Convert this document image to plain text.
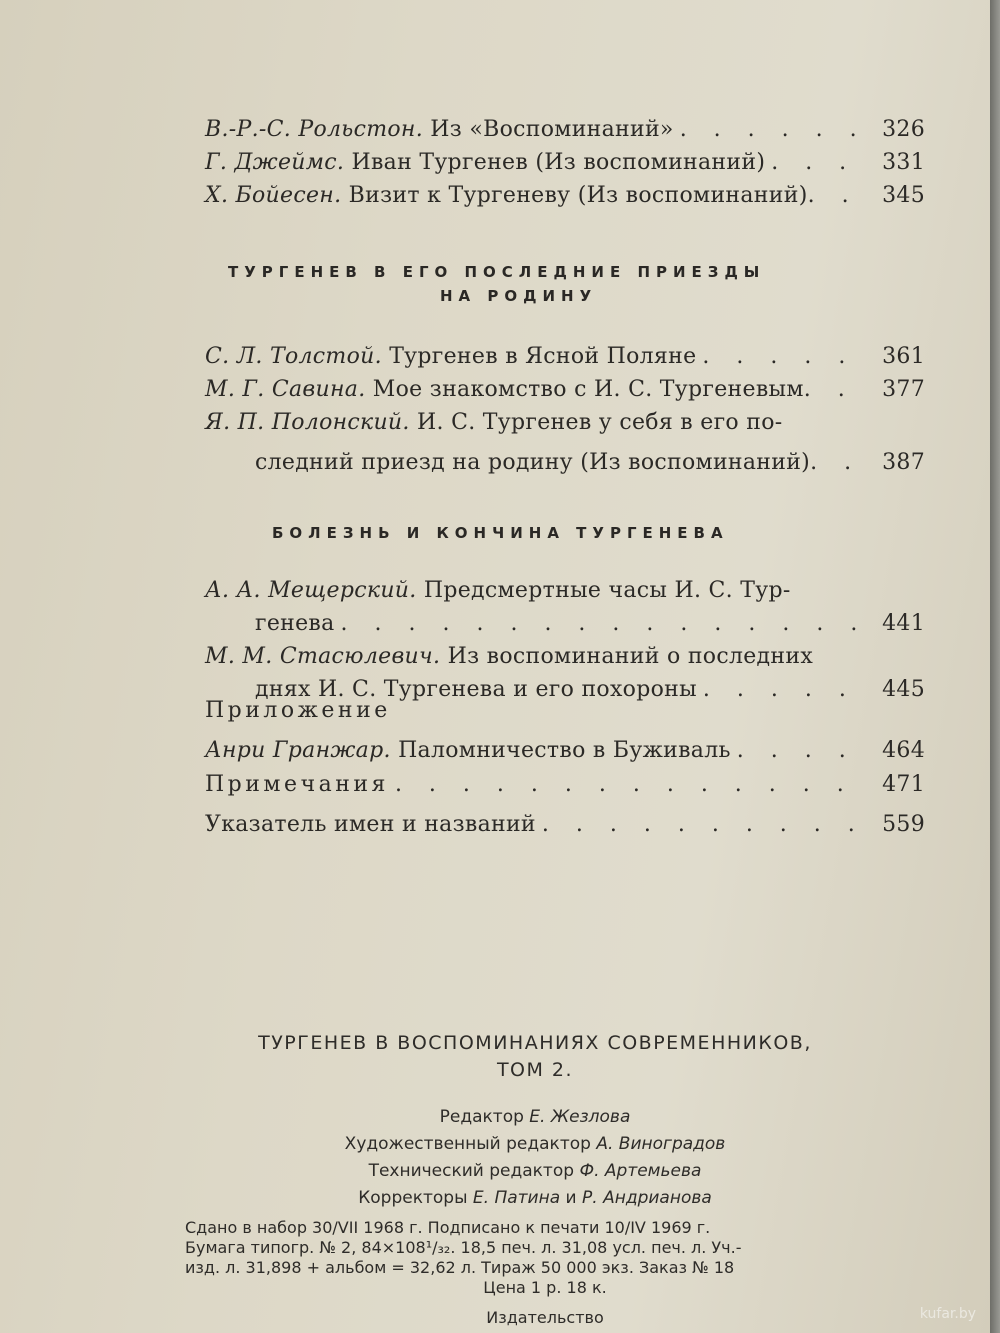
В.-Р.-С. Рольстон. Из «Воспоминаний» . . .	326
Г. Джеймс. Иван Тургенев (Из воспоминаний) . . .	331
Х. Бойесен. Визит к Тургеневу (Из воспоминаний) . . .	345
ТУРГЕНЕВ В ЕГО ПОСЛЕДНИЕ ПРИЕЗДЫ
НА РОДИНУ
С. Л. Толстой. Тургенев в Ясной Поляне . . .	361
М. Г. Савина. Мое знакомство с И. С. Тургеневым . . .	377
Я. П. Полонский. И. С. Тургенев у себя в его по-
следний приезд на родину (Из воспоминаний) . . .	387
БОЛЕЗНЬ И КОНЧИНА ТУРГЕНЕВА
А. А. Мещерский. Предсмертные часы И. С. Тур-
генева . . .	441
М. М. Стасюлевич. Из воспоминаний о последних
днях И. С. Тургенева и его похороны . . .	445
Приложение
Анри Гранжар. Паломничество в Буживаль . . .	464
Примечания . . .	471
Указатель имен и названий . . .	559
ТУРГЕНЕВ В ВОСПОМИНАНИЯХ СОВРЕМЕННИКОВ,
ТОМ 2.
Редактор Е. Жезлова
Художественный редактор А. Виноградов
Технический редактор Ф. Артемьева
Корректоры Е. Патина и Р. Андрианова
Сдано в набор 30/VII 1968 г. Подписано к печати 10/IV 1969 г.
Бумага типогр. № 2, 84×108¹/₃₂. 18,5 печ. л. 31,08 усл. печ. л. Уч.-
изд. л. 31,898 + альбом = 32,62 л. Тираж 50 000 экз. Заказ № 18
Цена 1 р. 18 к.
Издательство	kufar.by
